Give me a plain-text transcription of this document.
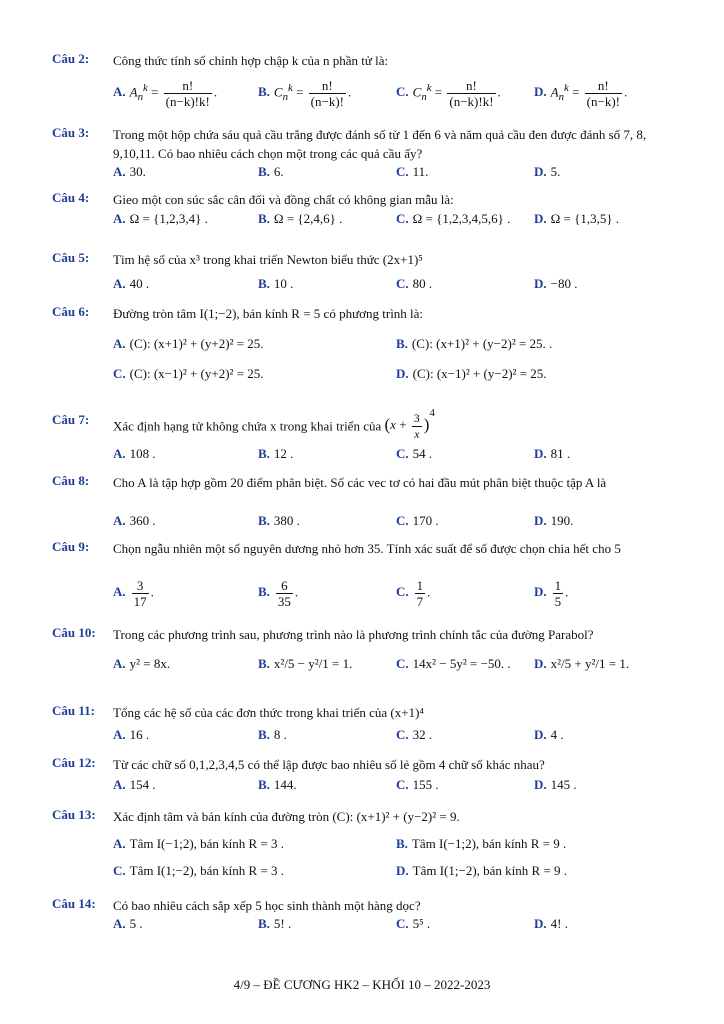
Câu 2: Công thức tính số chỉnh hợp chập k của n phần tử là:
A. $A_n^k = \frac{n!}{(n-k)!k!}$ .	B. $C_n^k = \frac{n!}{(n-k)!}$ .	C. $C_n^k = \frac{n!}{(n-k)!k!}$ .	D. $A_n^k = \frac{n!}{(n-k)!}$ .
Câu 3: Trong một hộp chứa sáu quả cầu trắng được đánh số từ 1 đến 6 và năm quả cầu đen được đánh số 7, 8, 9,10,11. Có bao nhiêu cách chọn một trong các quả cầu ấy?
A. 30.	B. 6.	C. 11.	D. 5.
Câu 4: Gieo một con súc sắc cân đối và đồng chất có không gian mẫu là:
A. Ω = {1,2,3,4} .	B. Ω = {2,4,6} .	C. Ω = {1,2,3,4,5,6} . D. Ω = {1,3,5} .
Câu 5: Tìm hệ số của x³ trong khai triển Newton biểu thức (2x+1)⁵
A. 40 .	B. 10 .	C. 80 .	D. −80 .
Câu 6: Đường tròn tâm I(1;−2), bán kính R = 5 có phương trình là:
A. (C): (x+1)² + (y+2)² = 25.	B. (C): (x+1)² + (y−2)² = 25. .
C. (C): (x−1)² + (y+2)² = 25.	D. (C): (x−1)² + (y−2)² = 25.
Câu 7: Xác định hạng tử không chứa x trong khai triển của $(x + \frac{3}{x} )^4$
A. 108 .	B. 12 .	C. 54 .	D. 81 .
Câu 8: Cho A là tập hợp gồm 20 điểm phân biệt. Số các vec tơ có hai đầu mút phân biệt thuộc tập A là
A. 360 .	B. 380 .	C. 170 .	D. 190.
Câu 9: Chọn ngẫu nhiên một số nguyên dương nhỏ hơn 35. Tính xác suất để số được chọn chia hết cho 5
A. $\frac{3}{17}$ .	B. $\frac{6}{35}$ .	C. $\frac{1}{7}$ .	D. $\frac{1}{5}$ .
Câu 10: Trong các phương trình sau, phương trình nào là phương trình chính tắc của đường Parabol?
A. y² = 8x.	B. x²/5 − y²/1 = 1.	C. 14x² − 5y² = −50. . D. x²/5 + y²/1 = 1.
Câu 11: Tổng các hệ số của các đơn thức trong khai triển của (x+1)⁴
A. 16 .	B. 8 .	C. 32 .	D. 4 .
Câu 12: Từ các chữ số 0,1,2,3,4,5 có thể lập được bao nhiêu số lẻ gồm 4 chữ số khác nhau?
A. 154 .	B. 144.	C. 155 .	D. 145 .
Câu 13: Xác định tâm và bán kính của đường tròn (C): (x+1)² + (y−2)² = 9.
A. Tâm I(−1;2), bán kính R = 3 .	B. Tâm I(−1;2), bán kính R = 9 .
C. Tâm I(1;−2), bán kính R = 3 .	D. Tâm I(1;−2), bán kính R = 9 .
Câu 14: Có bao nhiêu cách sắp xếp 5 học sinh thành một hàng dọc?
A. 5 .	B. 5! .	C. 5⁵ .	D. 4! .
4/9 – ĐỀ CƯƠNG HK2 – KHỐI 10 – 2022-2023
